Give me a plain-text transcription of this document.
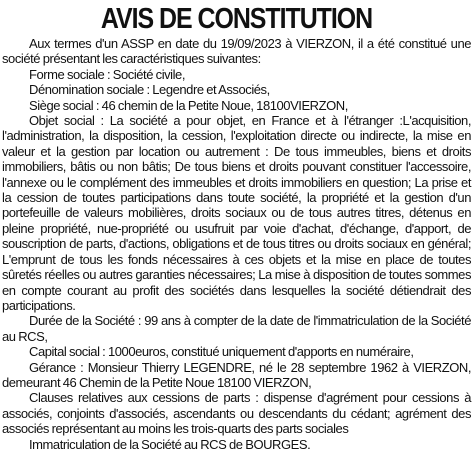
AVIS DE CONSTITUTION

Aux termes d'un ASSP en date du 19/09/2023 à VIERZON, il a été constitué une société présentant les caractéristiques suivantes:

Forme sociale : Société civile,

Dénomination sociale : Legendre et Associés,

Siège social : 46 chemin de la Petite Noue, 18100VIERZON,

Objet social : La société a pour objet, en France et à l'étranger :L'acquisition, l'administration, la disposition, la cession, l'exploitation directe ou indirecte, la mise en valeur et la gestion par location ou autrement : De tous immeubles, biens et droits immobiliers, bâtis ou non bâtis; De tous biens et droits pouvant constituer l'accessoire, l'annexe ou le complément des immeubles et droits immobiliers en question; La prise et la cession de toutes participations dans toute société, la propriété et la gestion d'un portefeuille de valeurs mobilières, droits sociaux ou de tous autres titres, détenus en pleine propriété, nue-propriété ou usufruit par voie d'achat, d'échange, d'apport, de souscription de parts, d'actions, obligations et de tous titres ou droits sociaux en général; L'emprunt de tous les fonds nécessaires à ces objets et la mise en place de toutes sûretés réelles ou autres garanties nécessaires; La mise à disposition de toutes sommes en compte courant au profit des sociétés dans lesquelles la société détiendrait des participations.

Durée de la Société : 99 ans à compter de la date de l'immatriculation de la Société au RCS,

Capital social : 1000euros, constitué uniquement d'apports en numéraire,

Gérance : Monsieur Thierry LEGENDRE, né le 28 septembre 1962 à VIERZON, demeurant 46 Chemin de la Petite Noue 18100 VIERZON,

Clauses relatives aux cessions de parts : dispense d'agrément pour cessions à associés, conjoints d'associés, ascendants ou descendants du cédant; agrément des associés représentant au moins les trois-quarts des parts sociales

Immatriculation de la Société au RCS de BOURGES.
